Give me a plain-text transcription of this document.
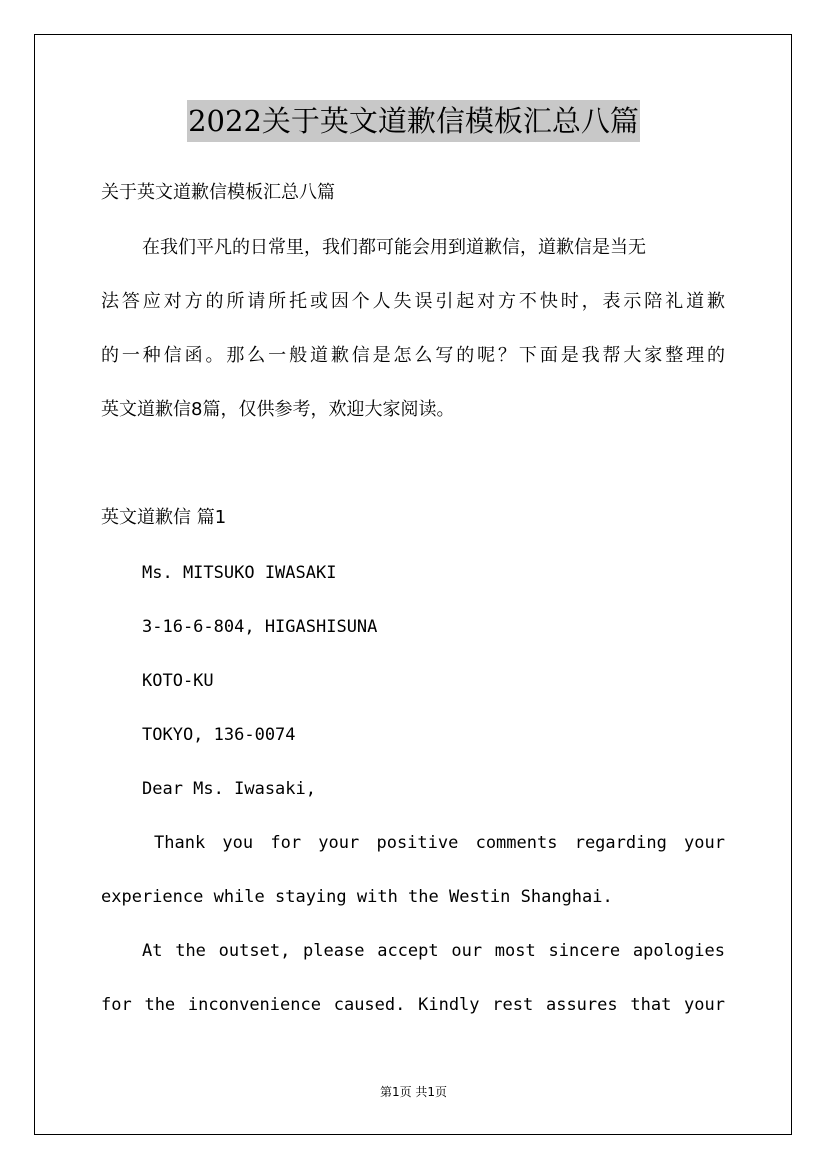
2022关于英文道歉信模板汇总八篇
关于英文道歉信模板汇总八篇
在我们平凡的日常里，我们都可能会用到道歉信，道歉信是当无
法答应对方的所请所托或因个人失误引起对方不快时，表示陪礼道歉
的一种信函。那么一般道歉信是怎么写的呢？下面是我帮大家整理的
英文道歉信8篇，仅供参考，欢迎大家阅读。
英文道歉信 篇1
Ms. MITSUKO IWASAKI
3-16-6-804, HIGASHISUNA
KOTO-KU
TOKYO, 136-0074
Dear Ms. Iwasaki,
Thank you for your positive comments regarding your
experience while staying with the Westin Shanghai.
At the outset, please accept our most sincere apologies
for the inconvenience caused. Kindly rest assures that your
第1页 共1页
